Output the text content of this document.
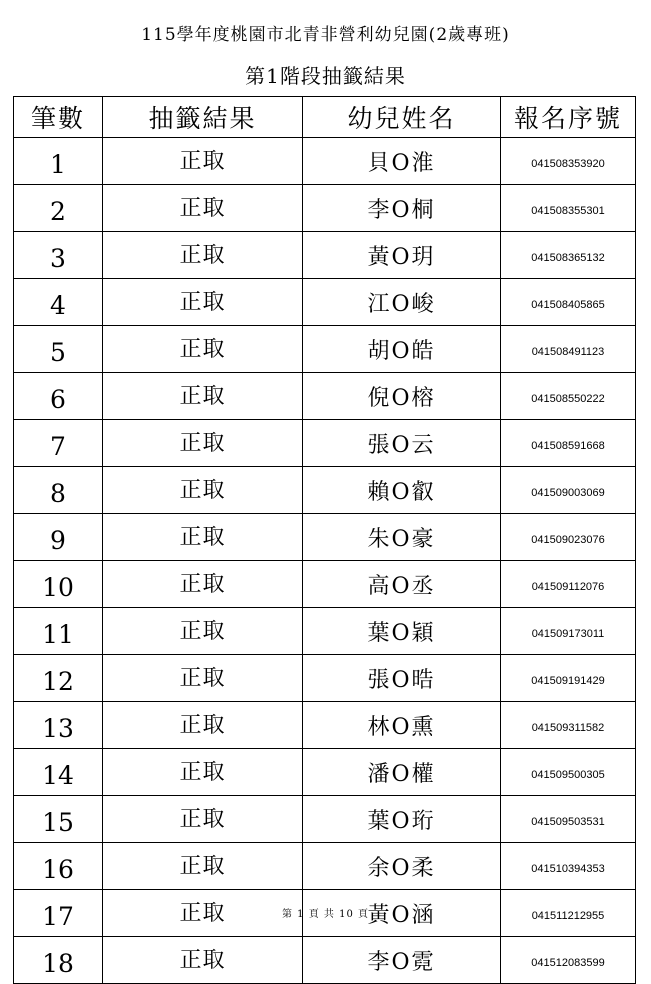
115學年度桃園市北青非營利幼兒園(2歲專班)
第1階段抽籤結果
筆數	抽籤結果	幼兒姓名	報名序號
1	正取	貝O淮	041508353920
2	正取	李O桐	041508355301
3	正取	黃O玥	041508365132
4	正取	江O峻	041508405865
5	正取	胡O皓	041508491123
6	正取	倪O榕	041508550222
7	正取	張O云	041508591668
8	正取	賴O叡	041509003069
9	正取	朱O豪	041509023076
10	正取	高O丞	041509112076
11	正取	葉O穎	041509173011
12	正取	張O晧	041509191429
13	正取	林O熏	041509311582
14	正取	潘O權	041509500305
15	正取	葉O珩	041509503531
16	正取	余O柔	041510394353
17	正取	黃O涵	041511212955
18	正取	李O霓	041512083599
第 1 頁 共 10 頁
